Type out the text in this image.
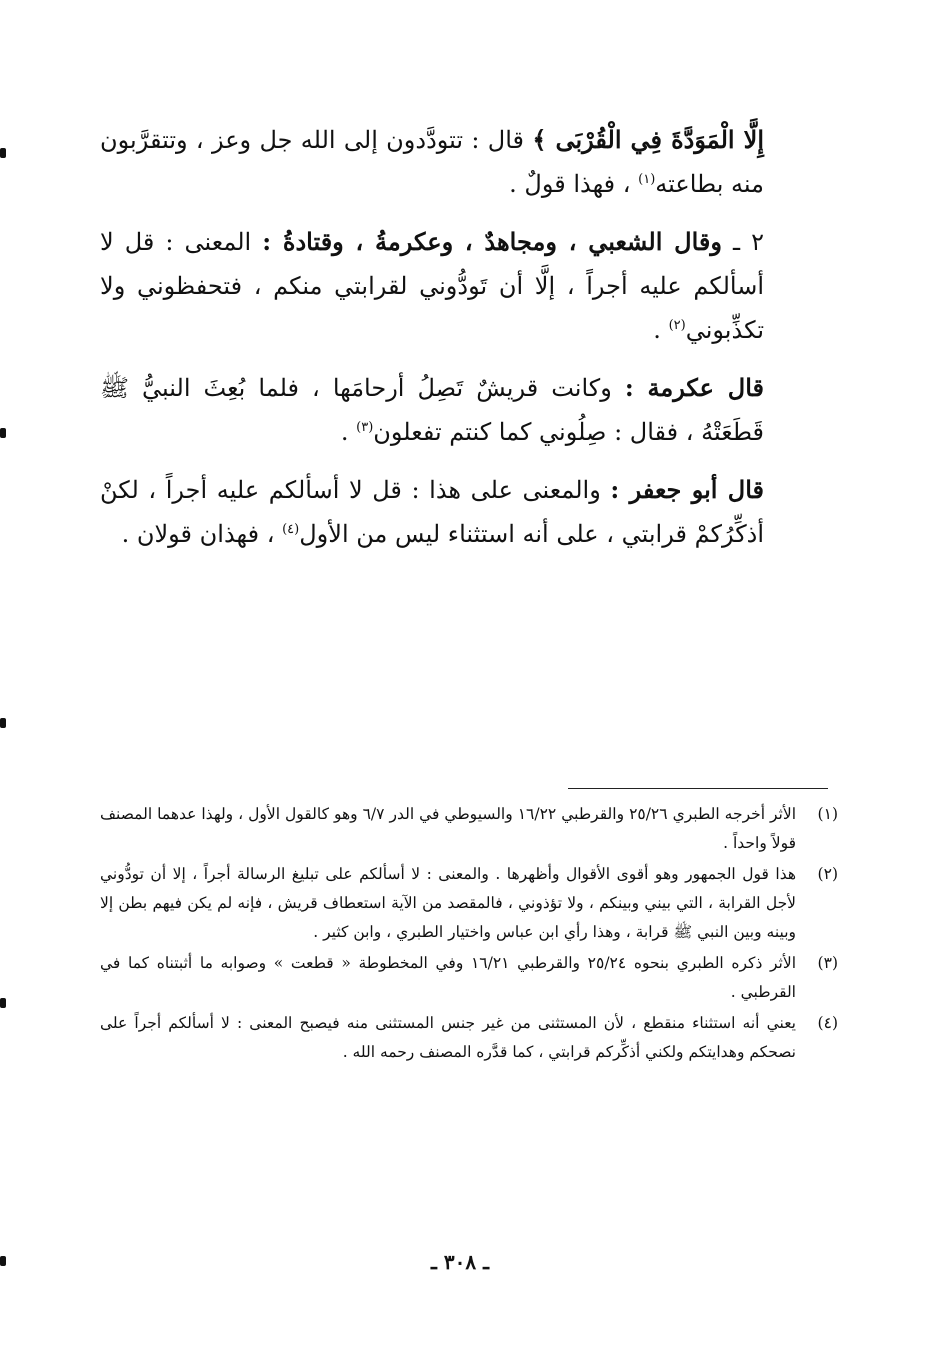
إِلَّا الْمَوَدَّةَ فِي الْقُرْبَى ﴾ قال : تتودَّدون إلى الله جل وعز ، وتتقرَّبون منه بطاعته$^{(١)}$ ، فهذا قولٌ .

٢ ـ وقال الشعبي ، ومجاهدٌ ، وعكرمةُ ، وقتادةُ : المعنى : قل لا أسألكم عليه أجراً ، إلَّا أن تَودُّوني لقرابتي منكم ، فتحفظوني ولا تكذِّبوني$^{(٢)}$ .

قال عكرمة : وكانت قريشٌ تَصِلُ أرحامَها ، فلما بُعِثَ النبيُّ ﷺ قَطَعَتْهُ ، فقال : صِلُوني كما كنتم تفعلون$^{(٣)}$ .

قال أبو جعفر : والمعنى على هذا : قل لا أسألكم عليه أجراً ، لكنْ أذكِّرُكمْ قرابتي ، على أنه استثناء ليس من الأول$^{(٤)}$ ، فهذان قولان .

(١)
الأثر أخرجه الطبري ٢٥/٢٦ والقرطبي ١٦/٢٢ والسيوطي في الدر ٦/٧ وهو كالقول الأول ، ولهذا عدهما المصنف قولاً واحداً .
(٢)
هذا قول الجمهور وهو أقوى الأقوال وأظهرها . والمعنى : لا أسألكم على تبليغ الرسالة أجراً ، إلا أن تودُّوني لأجل القرابة ، التي بيني وبينكم ، ولا تؤذوني ، فالمقصد من الآية استعطاف قريش ، فإنه لم يكن فيهم بطن إلا وبينه وبين النبي ﷺ قرابة ، وهذا رأي ابن عباس واختيار الطبري ، وابن كثير .
(٣)
الأثر ذكره الطبري بنحوه ٢٥/٢٤ والقرطبي ١٦/٢١ وفي المخطوطة « قطعت » وصوابه ما أثبتناه كما في القرطبي .
(٤)
يعني أنه استثناء منقطع ، لأن المستثنى من غير جنس المستثنى منه فيصبح المعنى : لا أسألكم أجراً على نصحكم وهدايتكم ولكني أذكِّركم قرابتي ، كما قدَّره المصنف رحمه الله .
ـ ٣٠٨ ـ
